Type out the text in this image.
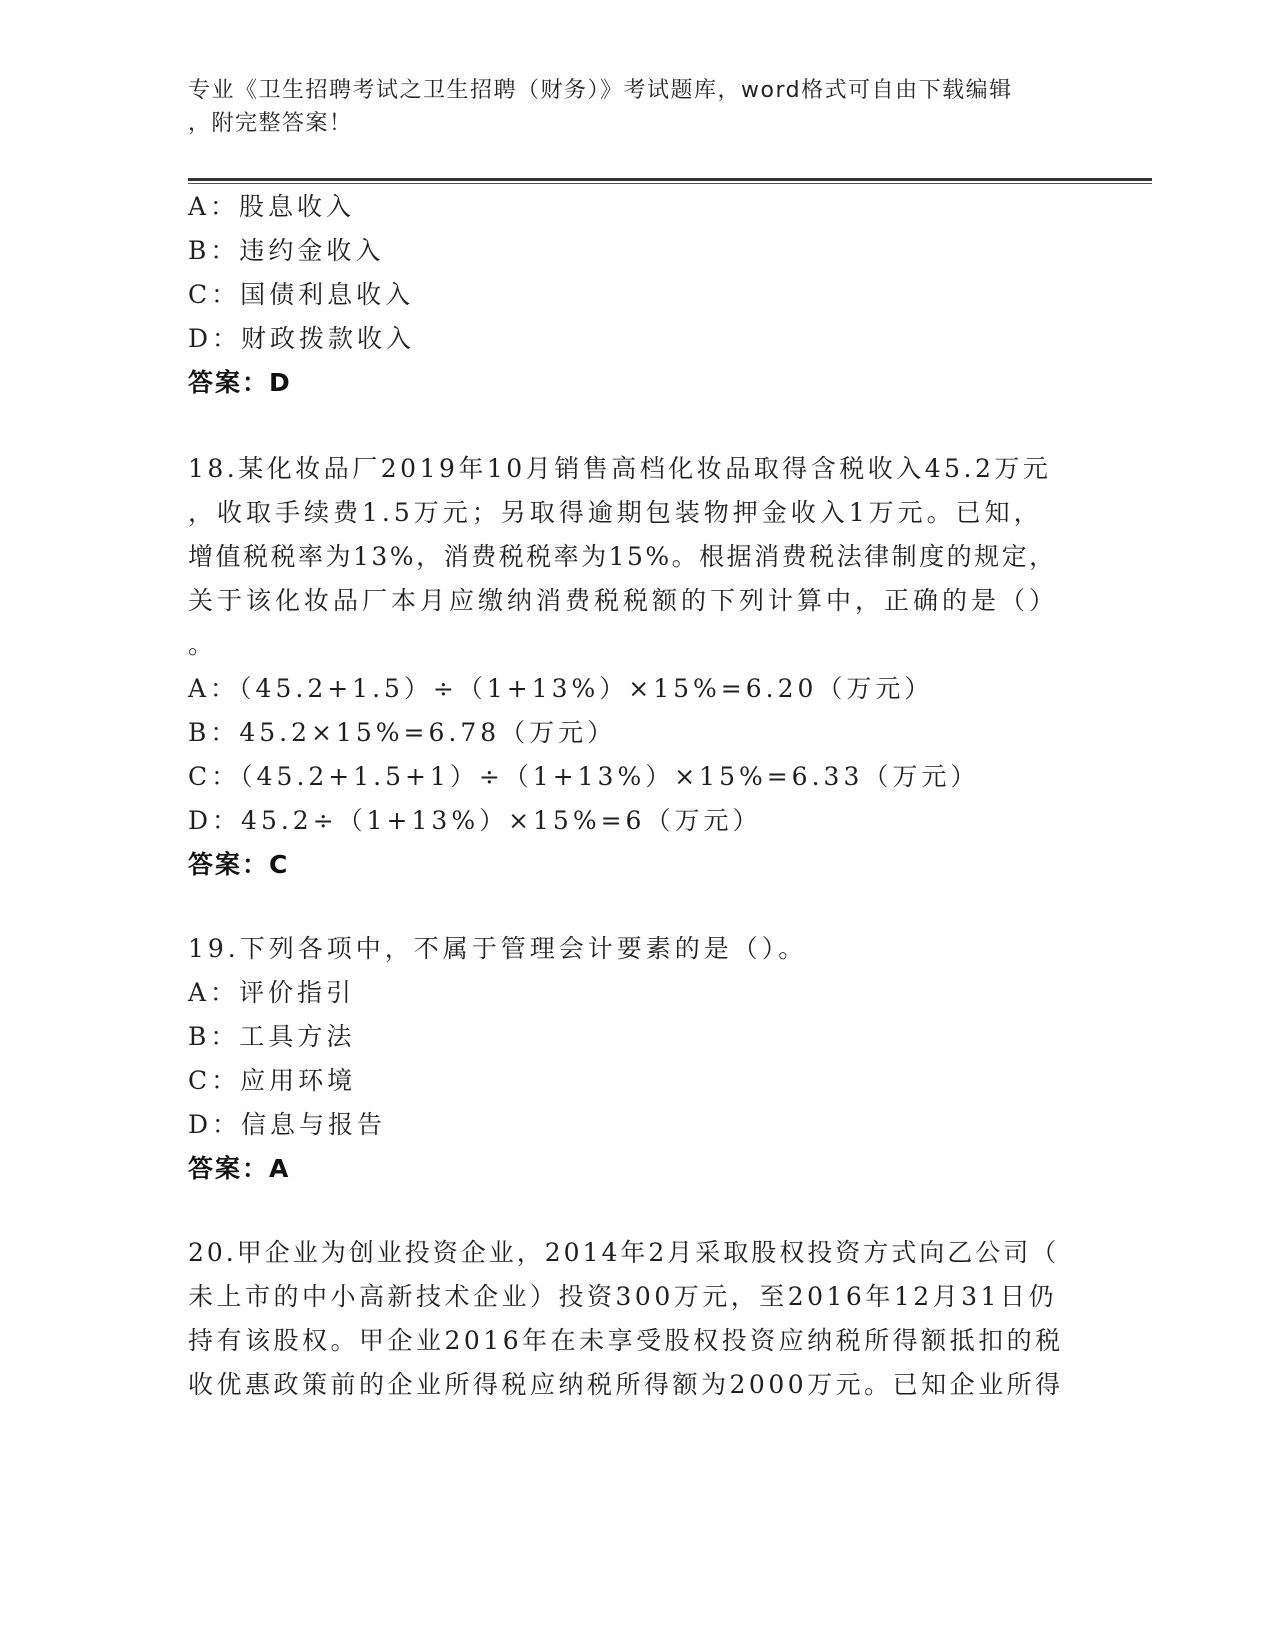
专业《卫生招聘考试之卫生招聘（财务）》考试题库，word格式可自由下载编辑
，附完整答案！
A：股息收入
B：违约金收入
C：国债利息收入
D：财政拨款收入
答案：D
18.某化妆品厂2019年10月销售高档化妆品取得含税收入45.2万元
，收取手续费1.5万元；另取得逾期包装物押金收入1万元。已知，
增值税税率为13%，消费税税率为15%。根据消费税法律制度的规定，
关于该化妆品厂本月应缴纳消费税税额的下列计算中，正确的是（）
。
A：（45.2+1.5）÷（1+13%）×15%=6.20（万元）
B：45.2×15%=6.78（万元）
C：（45.2+1.5+1）÷（1+13%）×15%=6.33（万元）
D：45.2÷（1+13%）×15%=6（万元）
答案：C
19.下列各项中，不属于管理会计要素的是（）。
A：评价指引
B：工具方法
C：应用环境
D：信息与报告
答案：A
20.甲企业为创业投资企业，2014年2月采取股权投资方式向乙公司（
未上市的中小高新技术企业）投资300万元，至2016年12月31日仍
持有该股权。甲企业2016年在未享受股权投资应纳税所得额抵扣的税
收优惠政策前的企业所得税应纳税所得额为2000万元。已知企业所得
